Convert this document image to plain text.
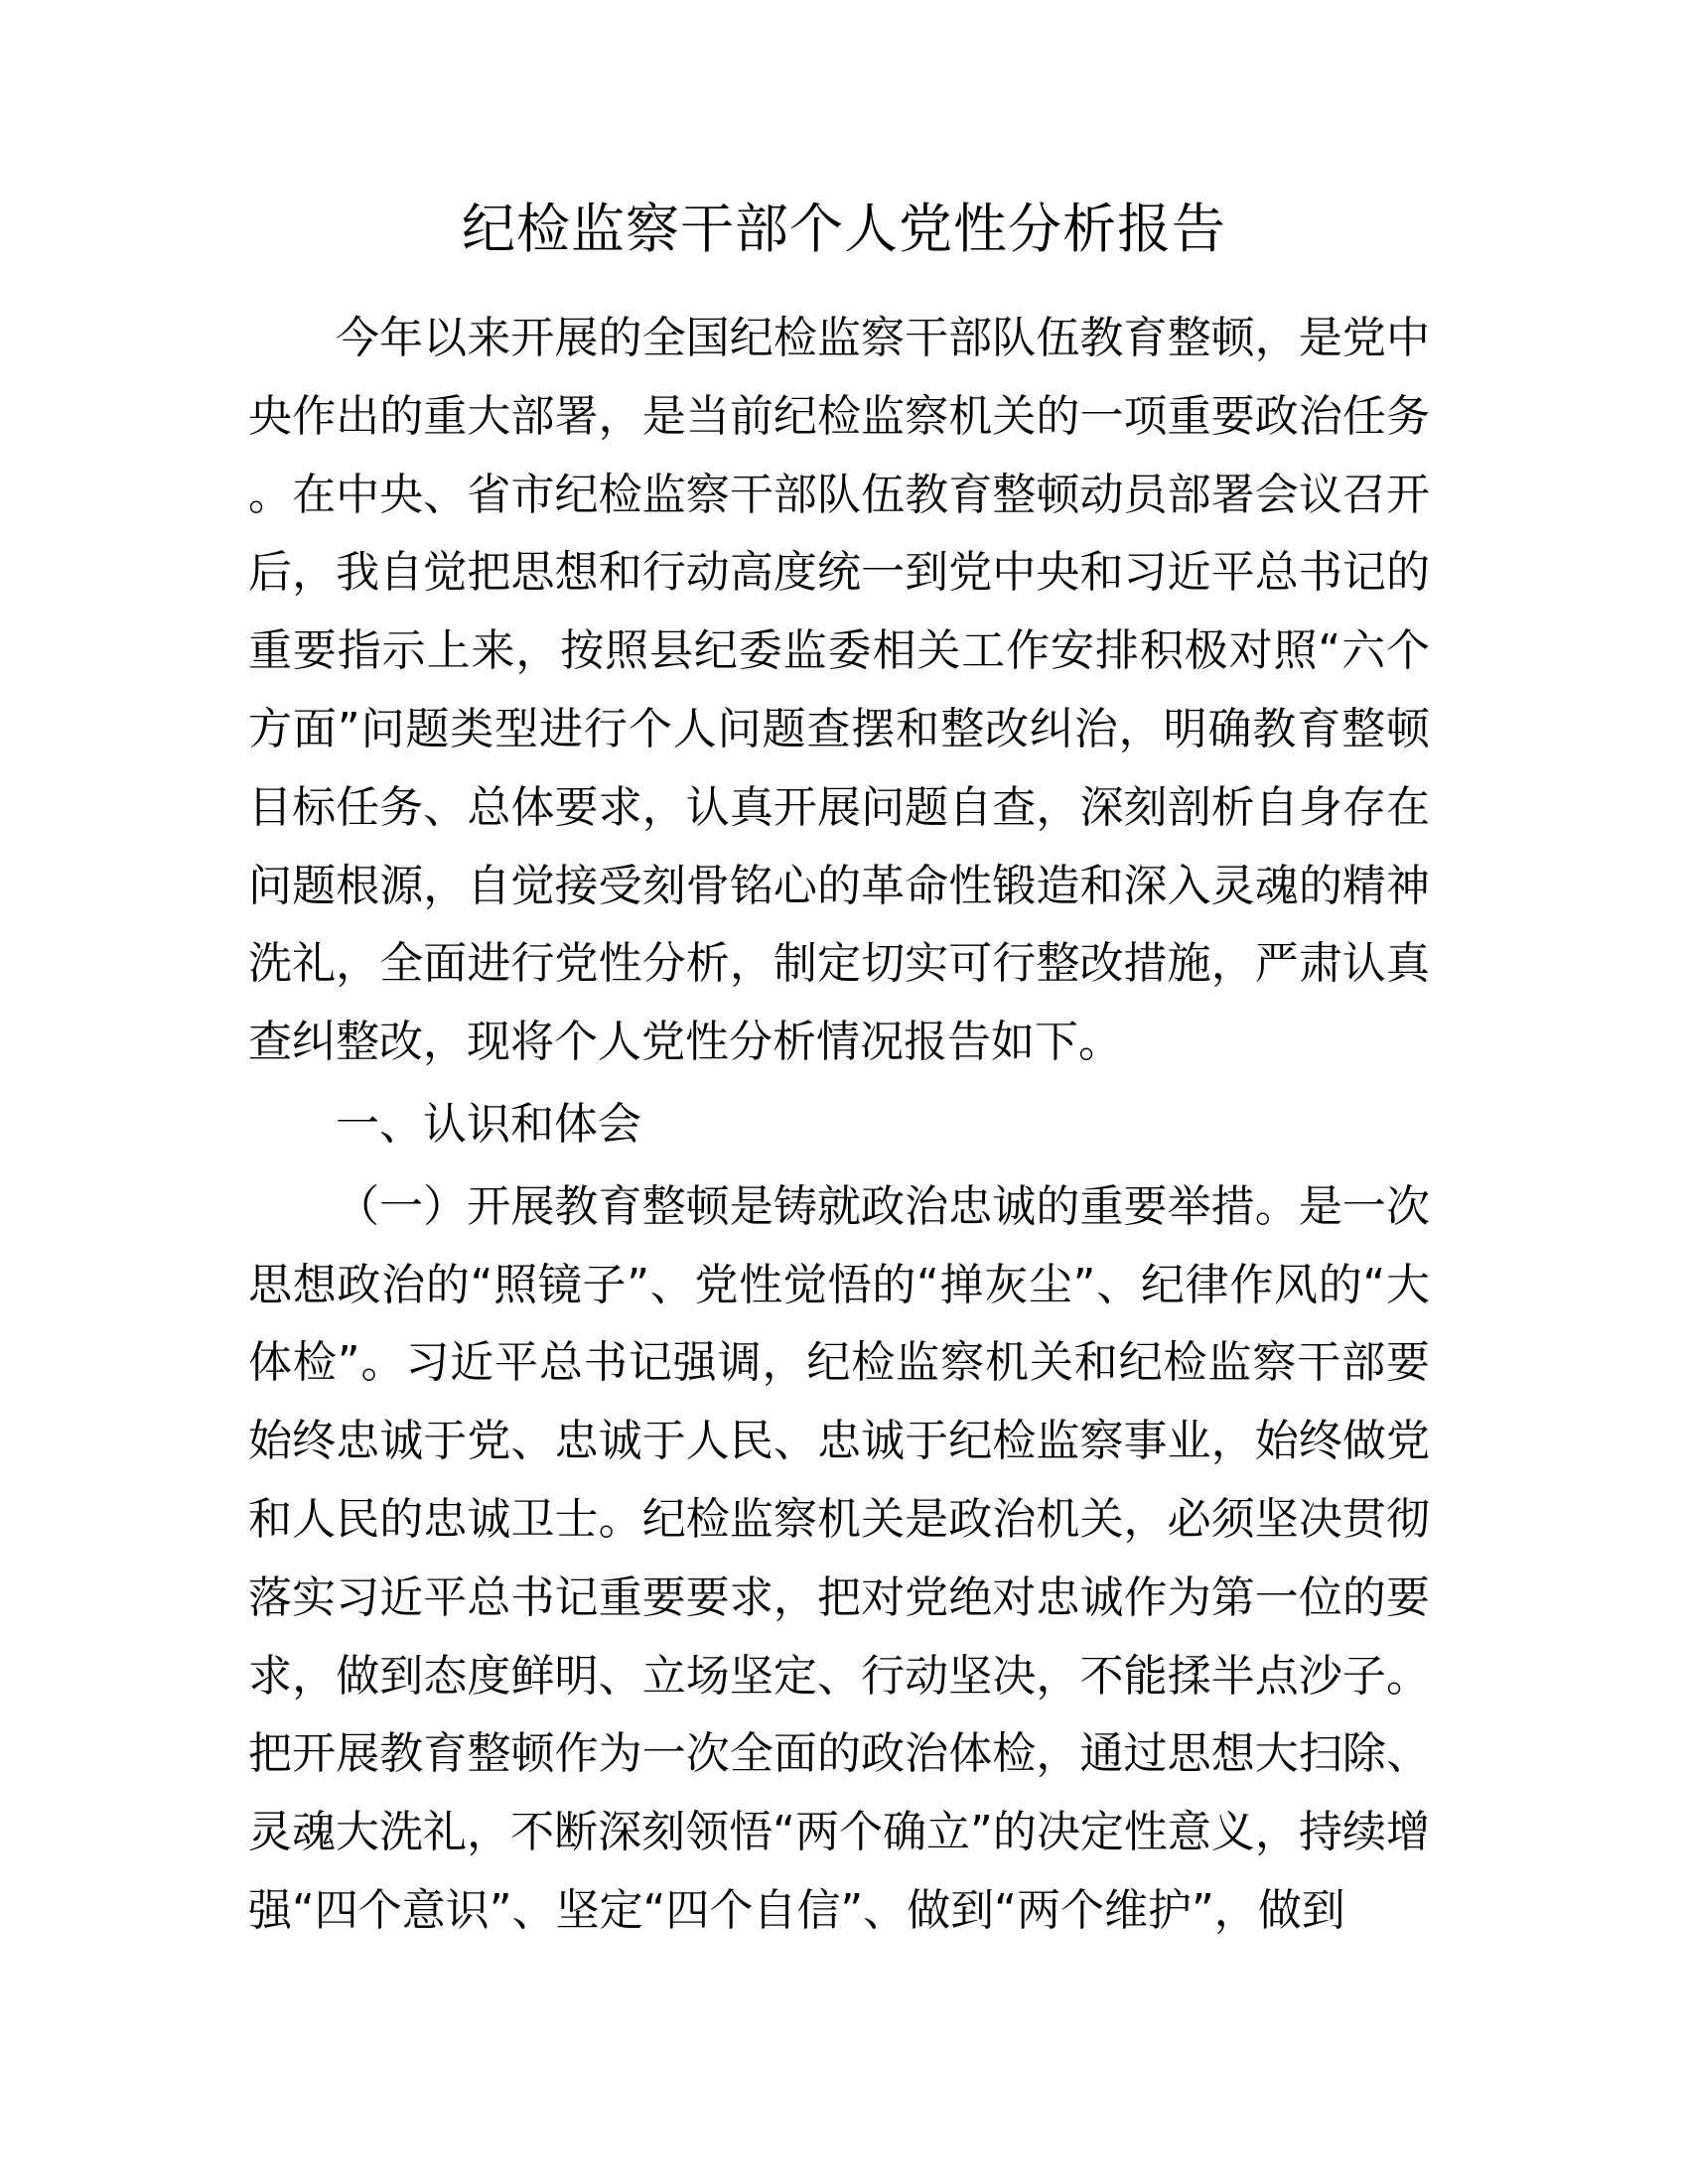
纪检监察干部个人党性分析报告

今年以来开展的全国纪检监察干部队伍教育整顿，是党中央作出的重大部署，是当前纪检监察机关的一项重要政治任务。在中央、省市纪检监察干部队伍教育整顿动员部署会议召开后，我自觉把思想和行动高度统一到党中央和习近平总书记的重要指示上来，按照县纪委监委相关工作安排积极对照“六个方面”问题类型进行个人问题查摆和整改纠治，明确教育整顿目标任务、总体要求，认真开展问题自查，深刻剖析自身存在问题根源，自觉接受刻骨铭心的革命性锻造和深入灵魂的精神洗礼，全面进行党性分析，制定切实可行整改措施，严肃认真查纠整改，现将个人党性分析情况报告如下。

一、认识和体会

（一）开展教育整顿是铸就政治忠诚的重要举措。是一次思想政治的“照镜子”、党性觉悟的“掸灰尘”、纪律作风的“大体检”。习近平总书记强调，纪检监察机关和纪检监察干部要始终忠诚于党、忠诚于人民、忠诚于纪检监察事业，始终做党和人民的忠诚卫士。纪检监察机关是政治机关，必须坚决贯彻落实习近平总书记重要要求，把对党绝对忠诚作为第一位的要求，做到态度鲜明、立场坚定、行动坚决，不能揉半点沙子。把开展教育整顿作为一次全面的政治体检，通过思想大扫除、灵魂大洗礼，不断深刻领悟“两个确立”的决定性意义，持续增强“四个意识”、坚定“四个自信”、做到“两个维护”，做到
